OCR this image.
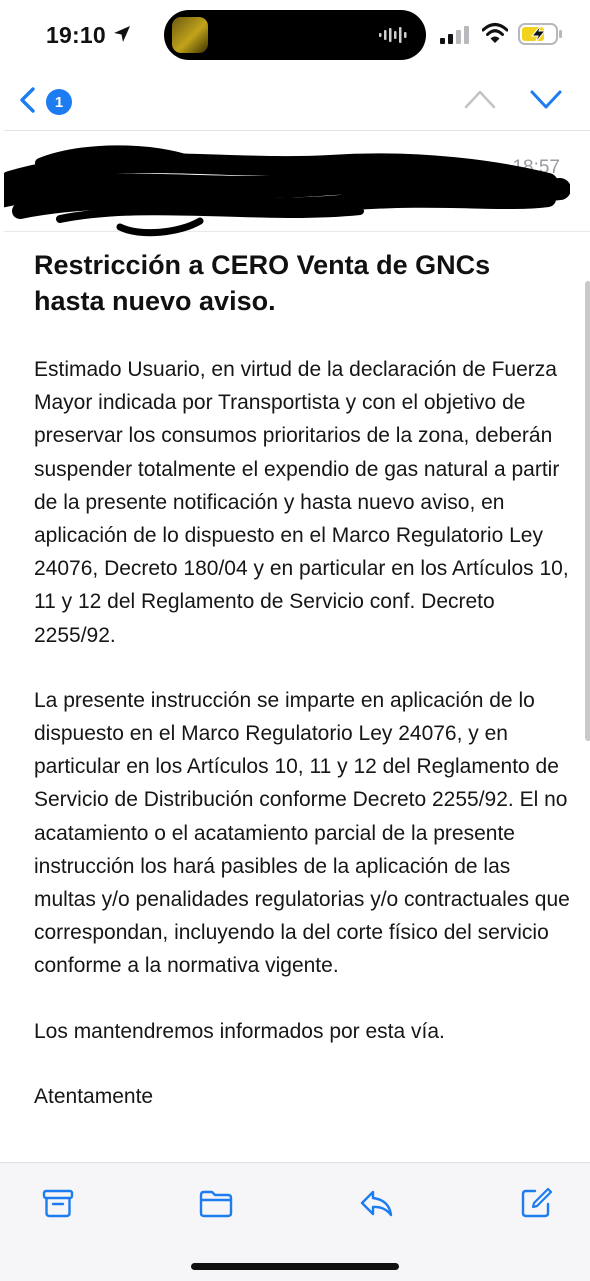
19:10
1
18:57
Restricción a CERO Venta de GNCs hasta nuevo aviso.

Estimado Usuario, en virtud de la declaración de Fuerza Mayor indicada por Transportista y con el objetivo de preservar los consumos prioritarios de la zona, deberán suspender totalmente el expendio de gas natural a partir de la presente notificación y hasta nuevo aviso, en aplicación de lo dispuesto en el Marco Regulatorio Ley 24076, Decreto 180/04 y en particular en los Artículos 10, 11 y 12 del Reglamento de Servicio conf. Decreto 2255/92.

La presente instrucción se imparte en aplicación de lo dispuesto en el Marco Regulatorio Ley 24076, y en particular en los Artículos 10, 11 y 12 del Reglamento de Servicio de Distribución conforme Decreto 2255/92. El no acatamiento o el acatamiento parcial de la presente instrucción los hará pasibles de la aplicación de las multas y/o penalidades regulatorias y/o contractuales que correspondan, incluyendo la del corte físico del servicio conforme a la normativa vigente.

Los mantendremos informados por esta vía.

Atentamente
